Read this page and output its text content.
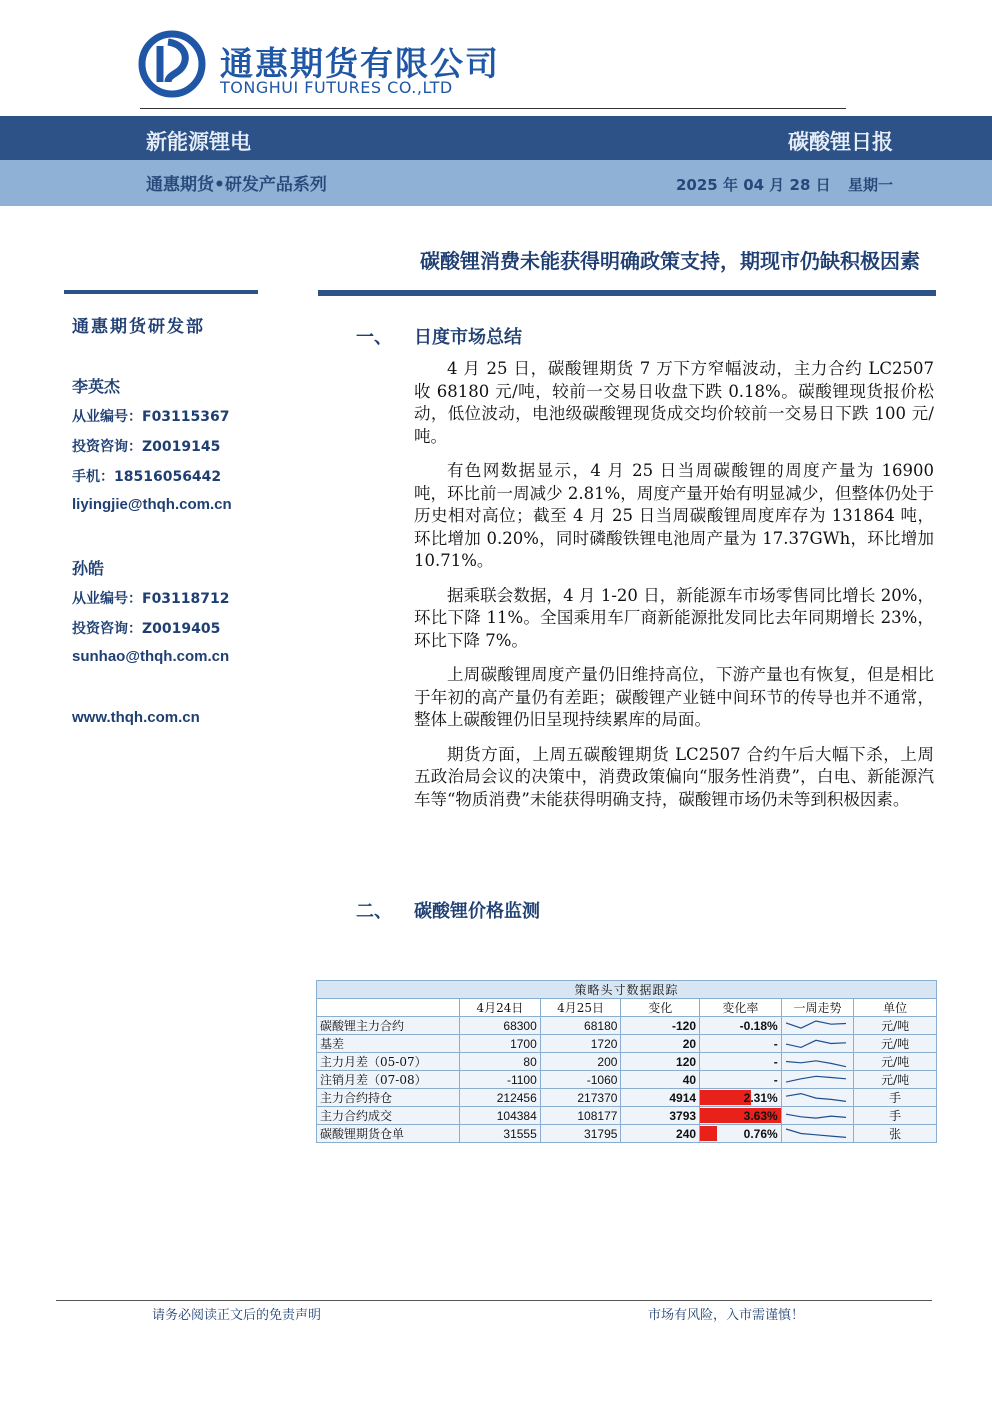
通惠期货有限公司
TONGHUI FUTURES CO.,LTD
新能源锂电	碳酸锂日报
通惠期货•研发产品系列	2025 年 04 月 28 日 星期一
碳酸锂消费未能获得明确政策支持，期现市仍缺积极因素
通惠期货研发部
李英杰
从业编号：F03115367
投资咨询：Z0019145
手机：18516056442
liyingjie@thqh.com.cn
孙皓
从业编号：F03118712
投资咨询：Z0019405
sunhao@thqh.com.cn
www.thqh.com.cn
一、 日度市场总结

4 月 25 日，碳酸锂期货 7 万下方窄幅波动，主力合约 LC2507 收 68180 元/吨，较前一交易日收盘下跌 0.18%。碳酸锂现货报价松动，低位波动，电池级碳酸锂现货成交均价较前一交易日下跌 100 元/吨。

有色网数据显示，4 月 25 日当周碳酸锂的周度产量为 16900 吨，环比前一周减少 2.81%，周度产量开始有明显减少，但整体仍处于历史相对高位；截至 4 月 25 日当周碳酸锂周度库存为 131864 吨，环比增加 0.20%，同时磷酸铁锂电池周产量为 17.37GWh，环比增加 10.71%。

据乘联会数据，4 月 1-20 日，新能源车市场零售同比增长 20%，环比下降 11%。全国乘用车厂商新能源批发同比去年同期增长 23%，环比下降 7%。

上周碳酸锂周度产量仍旧维持高位，下游产量也有恢复，但是相比于年初的高产量仍有差距；碳酸锂产业链中间环节的传导也并不通常，整体上碳酸锂仍旧呈现持续累库的局面。

期货方面，上周五碳酸锂期货 LC2507 合约午后大幅下杀，上周五政治局会议的决策中，消费政策偏向“服务性消费”，白电、新能源汽车等“物质消费”未能获得明确支持，碳酸锂市场仍未等到积极因素。

二、 碳酸锂价格监测
策略头寸数据跟踪						
	4月24日	4月25日	变化	变化率	一周走势	单位
碳酸锂主力合约	68300	68180	-120	-0.18%		元/吨
基差	1700	1720	20	-		元/吨
主力月差（05-07）	80	200	120	-		元/吨
注销月差（07-08）	-1100	-1060	40	-		元/吨
主力合约持仓	212456	217370	4914	2.31%		手
主力合约成交	104384	108177	3793	3.63%		手
碳酸锂期货仓单	31555	31795	240	0.76%		张
请务必阅读正文后的免责声明	市场有风险，入市需谨慎！
